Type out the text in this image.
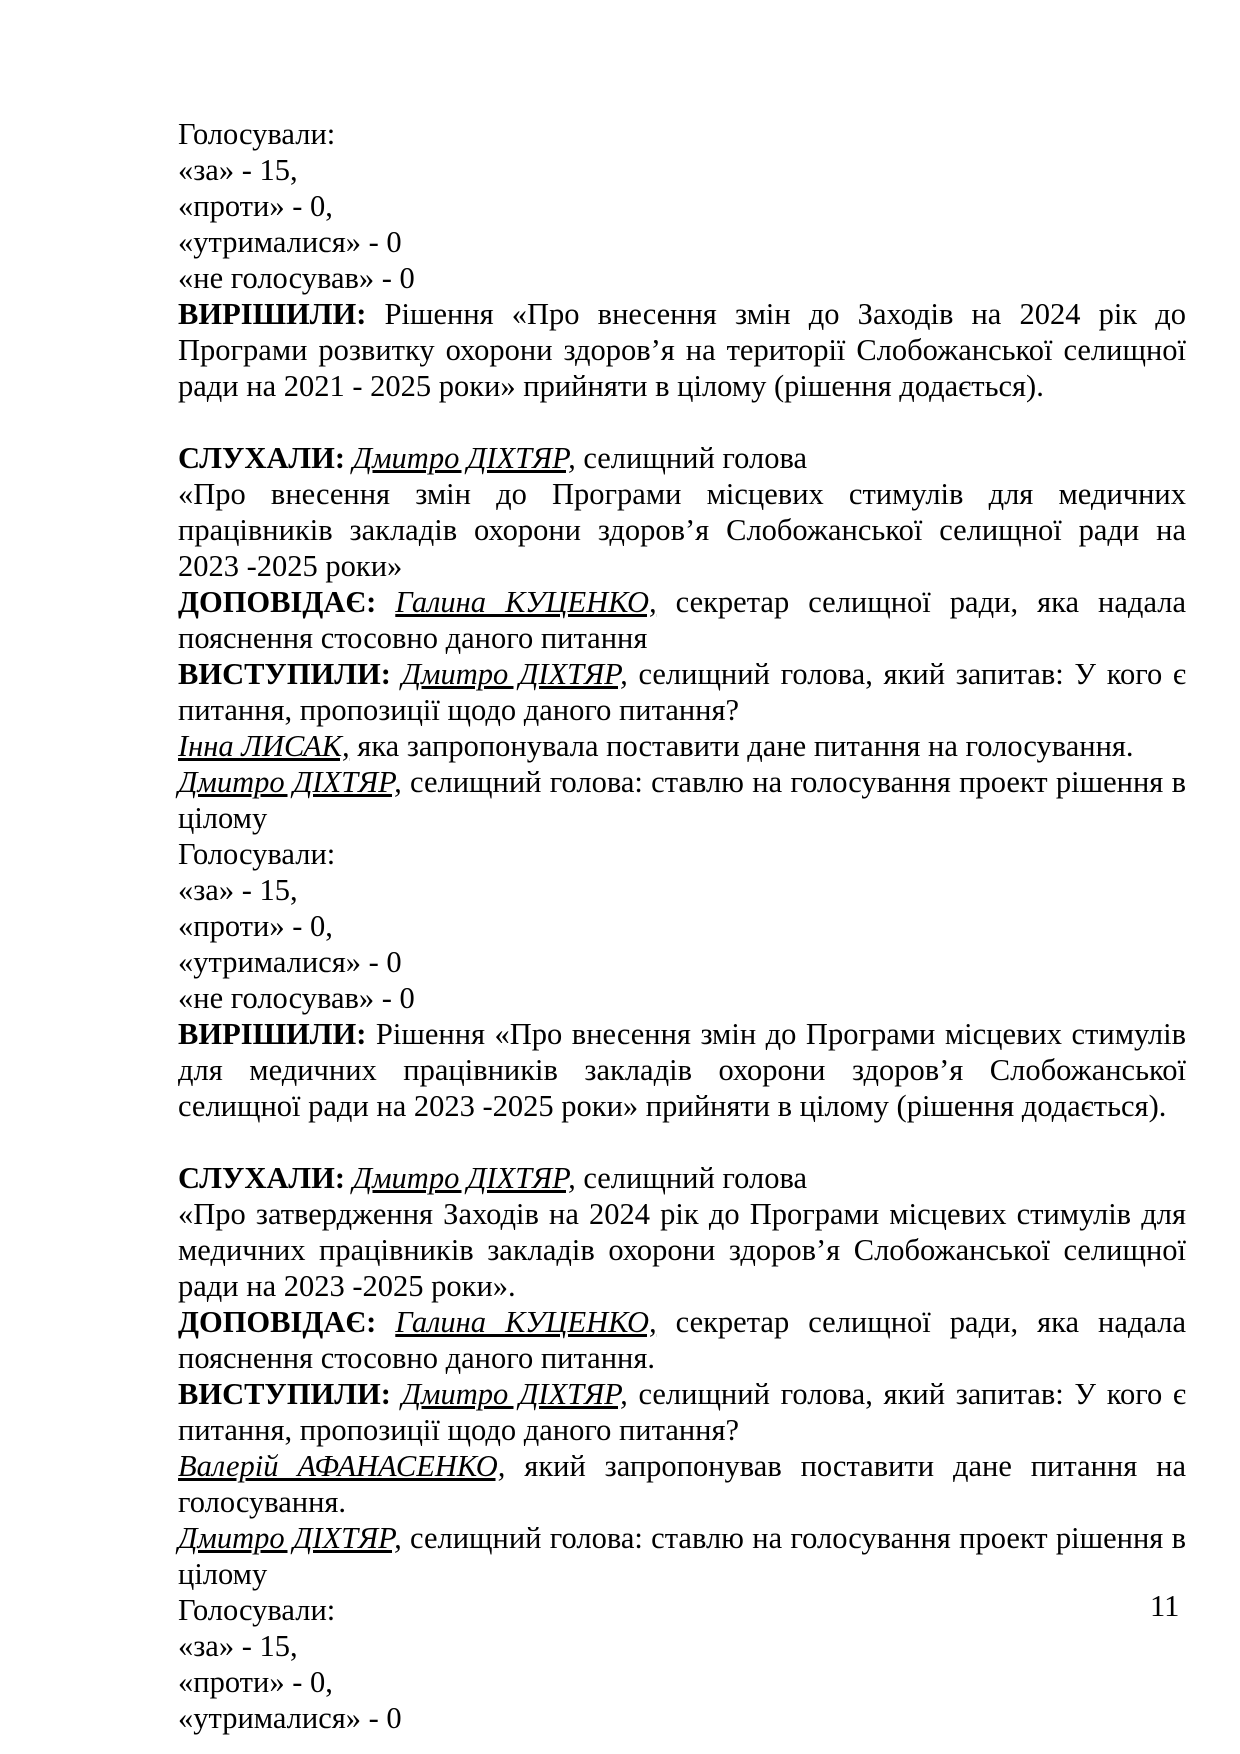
Голосували:

«за» - 15,

«проти» - 0,

«утрималися» - 0

«не голосував» - 0

ВИРІШИЛИ: Рішення «Про внесення змін до Заходів на 2024 рік до Програми розвитку охорони здоров’я на території Слобожанської селищної ради на 2021 - 2025 роки» прийняти в цілому (рішення додається).

СЛУХАЛИ: Дмитро ДІХТЯР, селищний голова

«Про внесення змін до Програми місцевих стимулів для медичних працівників закладів охорони здоров’я Слобожанської селищної ради на 2023 -2025 роки»

ДОПОВІДАЄ: Галина КУЦЕНКО, секретар селищної ради, яка надала пояснення стосовно даного питання

ВИСТУПИЛИ: Дмитро ДІХТЯР, селищний голова, який запитав: У кого є питання, пропозиції щодо даного питання?

Інна ЛИСАК, яка запропонувала поставити дане питання на голосування.

Дмитро ДІХТЯР, селищний голова: ставлю на голосування проект рішення в цілому

Голосували:

«за» - 15,

«проти» - 0,

«утрималися» - 0

«не голосував» - 0

ВИРІШИЛИ: Рішення «Про внесення змін до Програми місцевих стимулів для медичних працівників закладів охорони здоров’я Слобожанської селищної ради на 2023 -2025 роки» прийняти в цілому (рішення додається).

СЛУХАЛИ: Дмитро ДІХТЯР, селищний голова

«Про затвердження Заходів на 2024 рік до Програми місцевих стимулів для медичних працівників закладів охорони здоров’я Слобожанської селищної ради на 2023 -2025 роки».

ДОПОВІДАЄ: Галина КУЦЕНКО, секретар селищної ради, яка надала пояснення стосовно даного питання.

ВИСТУПИЛИ: Дмитро ДІХТЯР, селищний голова, який запитав: У кого є питання, пропозиції щодо даного питання?

Валерій АФАНАСЕНКО, який запропонував поставити дане питання на голосування.

Дмитро ДІХТЯР, селищний голова: ставлю на голосування проект рішення в цілому

Голосували:

«за» - 15,

«проти» - 0,

«утрималися» - 0

11
